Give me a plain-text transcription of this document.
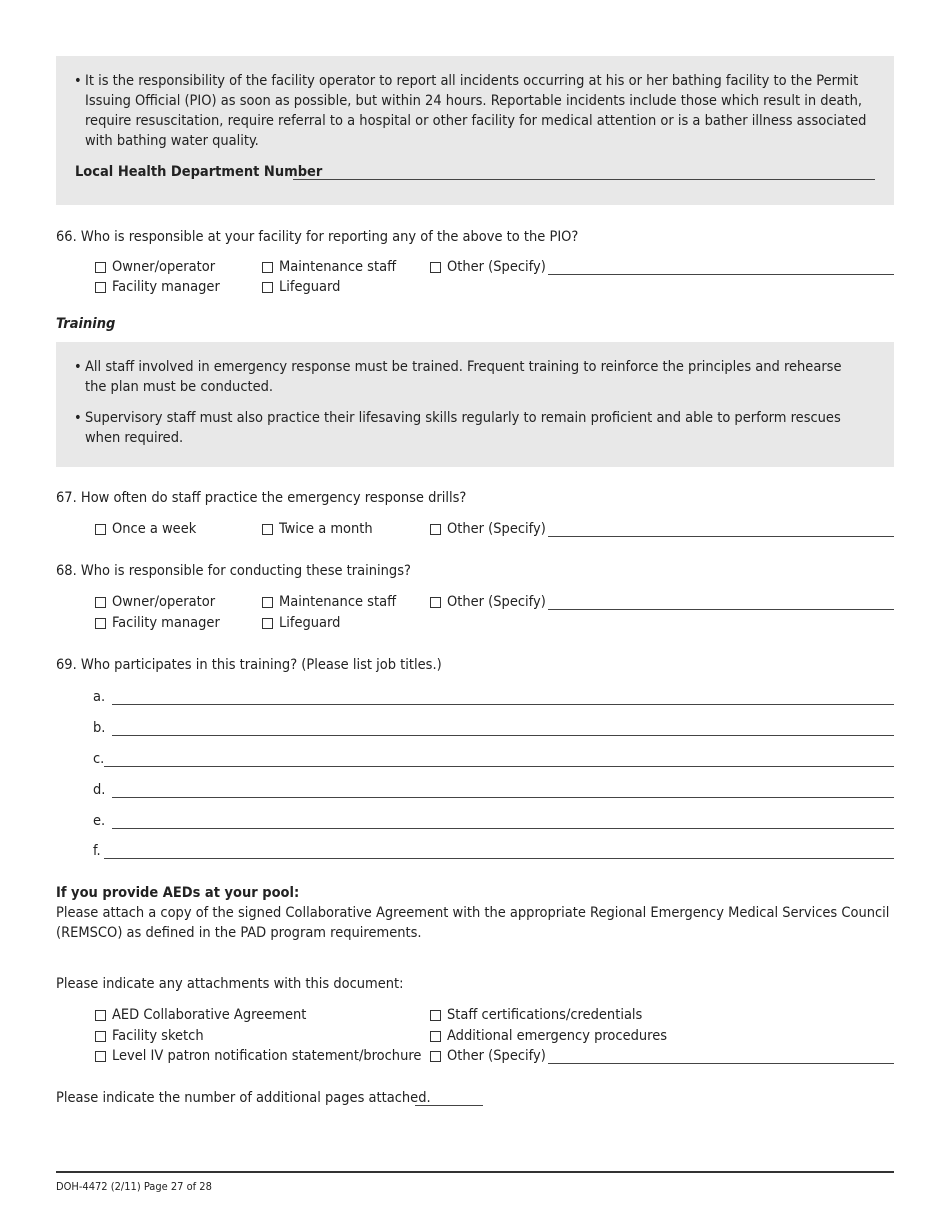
• It is the responsibility of the facility operator to report all incidents occurring at his or her bathing facility to the Permit
Issuing Official (PIO) as soon as possible, but within 24 hours. Reportable incidents include those which result in death,
require resuscitation, require referral to a hospital or other facility for medical attention or is a bather illness associated
with bathing water quality.
Local Health Department Number
66. Who is responsible at your facility for reporting any of the above to the PIO?
Owner/operator	Maintenance staff	Other (Specify)
Facility manager	Lifeguard
Training
• All staff involved in emergency response must be trained. Frequent training to reinforce the principles and rehearse
the plan must be conducted.
• Supervisory staff must also practice their lifesaving skills regularly to remain proficient and able to perform rescues
when required.
67. How often do staff practice the emergency response drills?
Once a week	Twice a month	Other (Specify)
68. Who is responsible for conducting these trainings?
Owner/operator	Maintenance staff	Other (Specify)
Facility manager	Lifeguard
69. Who participates in this training? (Please list job titles.)
a.
b.
c.
d.
e.
f.
If you provide AEDs at your pool:
Please attach a copy of the signed Collaborative Agreement with the appropriate Regional Emergency Medical Services Council
(REMSCO) as defined in the PAD program requirements.
Please indicate any attachments with this document:
AED Collaborative Agreement	Staff certifications/credentials
Facility sketch	Additional emergency procedures
Level IV patron notification statement/brochure Other (Specify)
Please indicate the number of additional pages attached.
DOH-4472 (2/11) Page 27 of 28
